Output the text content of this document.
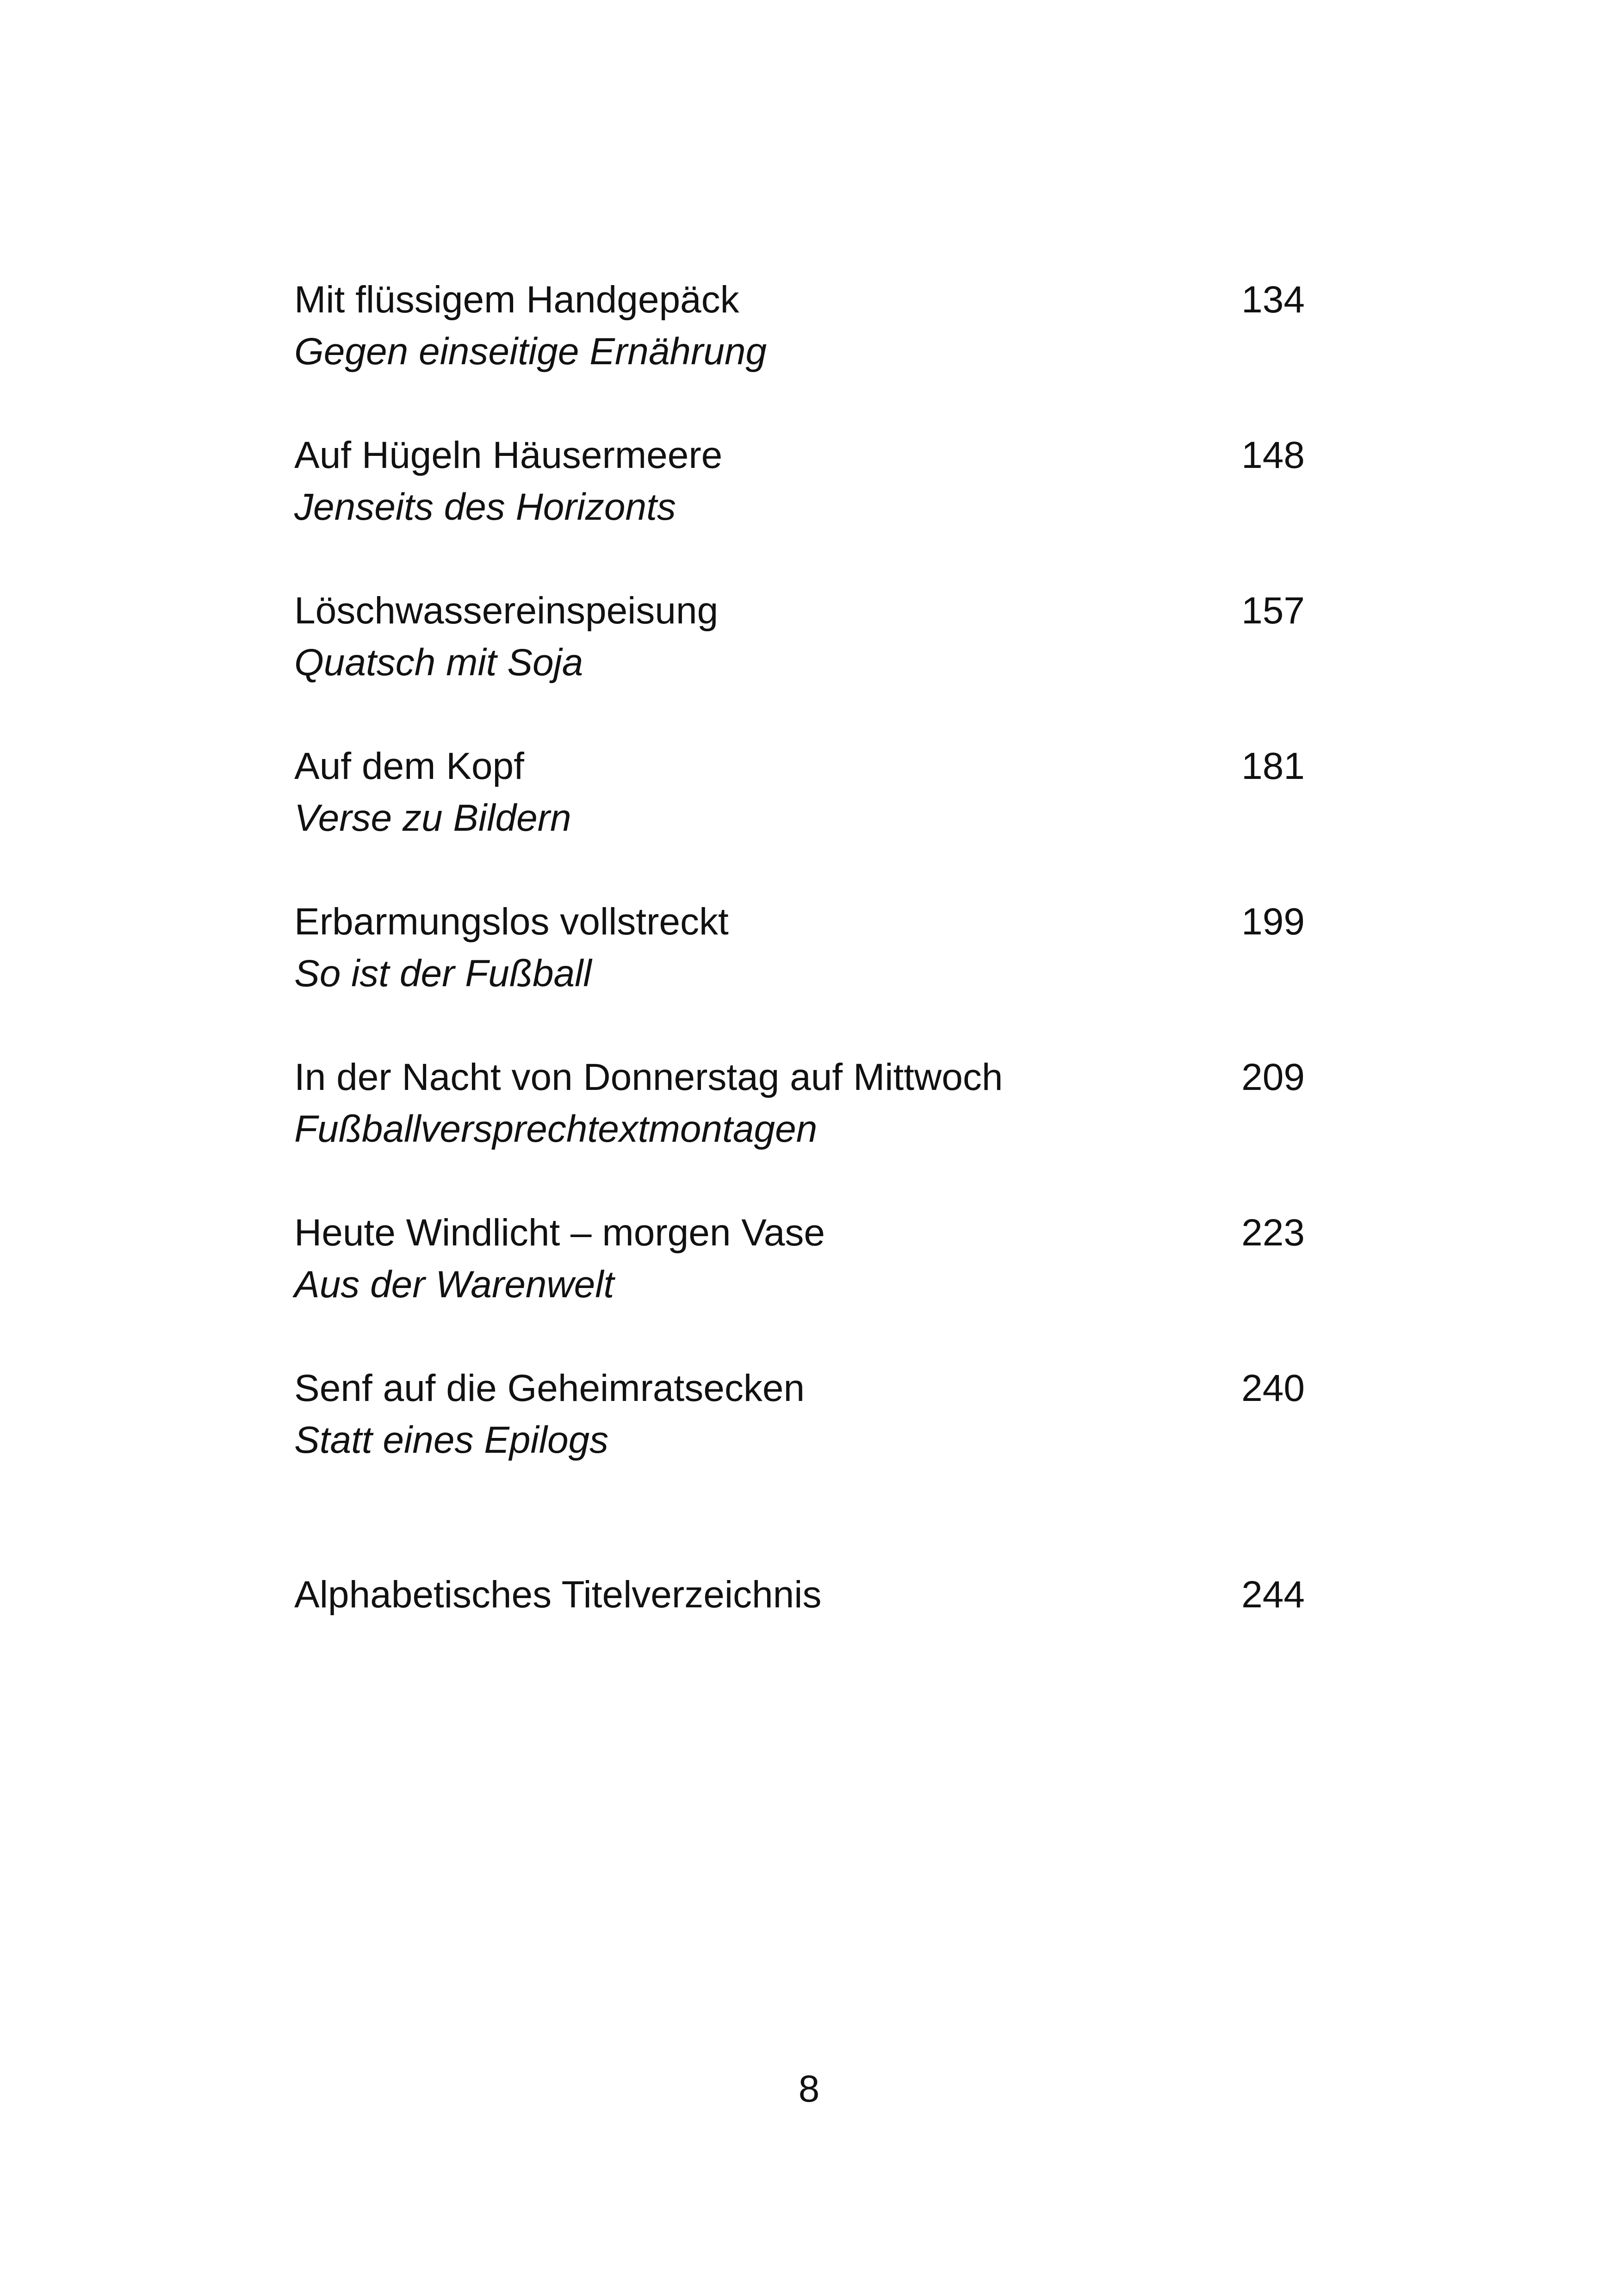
Mit flüssigem Handgepäck
Gegen einseitige Ernährung
134
Auf Hügeln Häusermeere
Jenseits des Horizonts
148
Löschwassereinspeisung
Quatsch mit Soja
157
Auf dem Kopf
Verse zu Bildern
181
Erbarmungslos vollstreckt
So ist der Fußball
199
In der Nacht von Donnerstag auf Mittwoch
Fußballversprechtextmontagen
209
Heute Windlicht – morgen Vase
Aus der Warenwelt
223
Senf auf die Geheimratsecken
Statt eines Epilogs
240
Alphabetisches Titelverzeichnis	244
8
